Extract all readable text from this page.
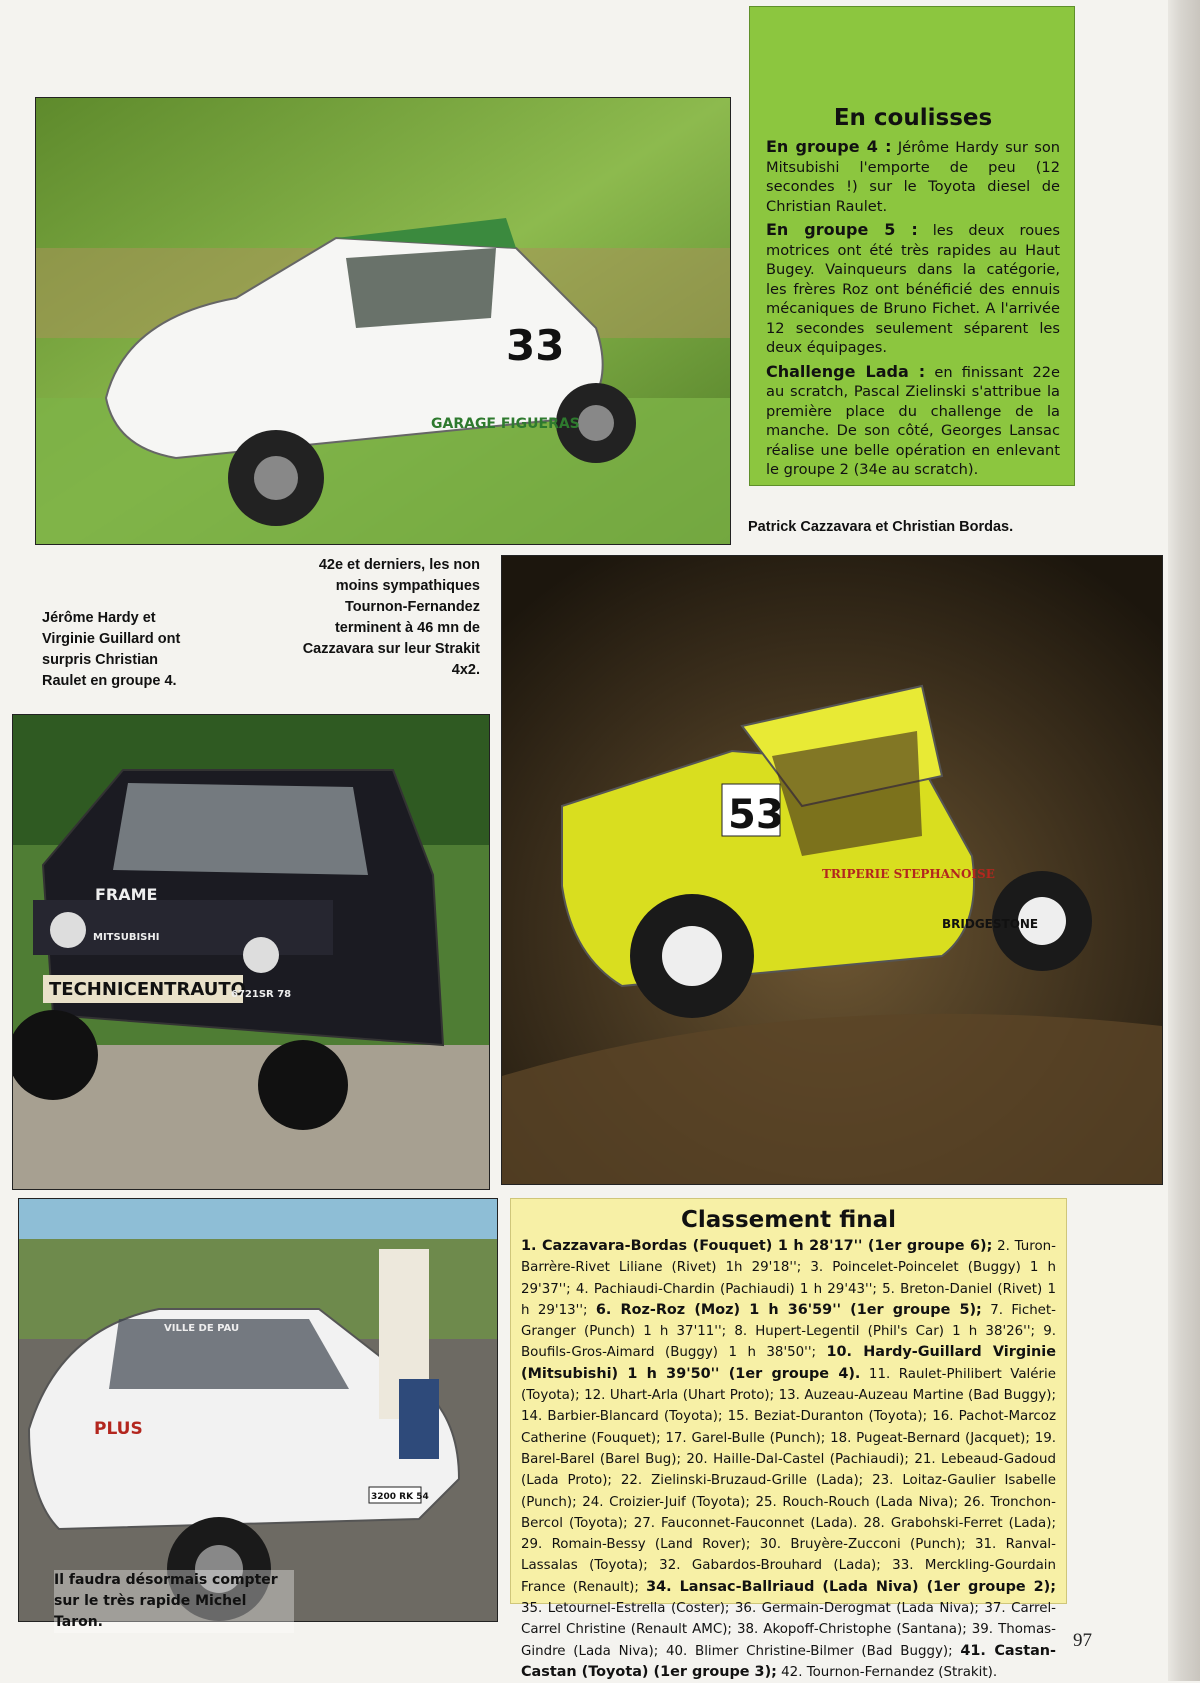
33
GARAGE FIGUERAS
En coulisses

En groupe 4 : Jérôme Hardy sur son Mitsubishi l'emporte de peu (12 secondes !) sur le Toyota diesel de Christian Raulet.

En groupe 5 : les deux roues motrices ont été très rapides au Haut Bugey. Vainqueurs dans la catégorie, les frères Roz ont bénéficié des ennuis mécaniques de Bruno Fichet. A l'arrivée 12 secondes seulement séparent les deux équipages.

Challenge Lada : en finissant 22e au scratch, Pascal Zielinski s'attribue la première place du challenge de la manche. De son côté, Georges Lansac réalise une belle opération en enlevant le groupe 2 (34e au scratch).

Patrick Cazzavara et Christian Bordas.
42e et derniers, les non moins sympathiques Tournon-Fernandez terminent à 46 mn de Cazzavara sur leur Strakit 4x2.
Jérôme Hardy et Virginie Guillard ont surpris Christian Raulet en groupe 4.
53
TRIPERIE STEPHANOISE
BRIDGESTONE
TECHNICENTRAUTO
FRAME
MITSUBISHI
6721SR 78
PLUS
VILLE DE PAU
3200 RK 54
Il faudra désormais compter sur le très rapide Michel Taron.
Classement final

1. Cazzavara-Bordas (Fouquet) 1 h 28'17'' (1er groupe 6); 2. Turon-Barrère-Rivet Liliane (Rivet) 1h 29'18''; 3. Poincelet-Poincelet (Buggy) 1 h 29'37''; 4. Pachiaudi-Chardin (Pachiaudi) 1 h 29'43''; 5. Breton-Daniel (Rivet) 1 h 29'13''; 6. Roz-Roz (Moz) 1 h 36'59'' (1er groupe 5); 7. Fichet-Granger (Punch) 1 h 37'11''; 8. Hupert-Legentil (Phil's Car) 1 h 38'26''; 9. Boufils-Gros-Aimard (Buggy) 1 h 38'50''; 10. Hardy-Guillard Virginie (Mitsubishi) 1 h 39'50'' (1er groupe 4). 11. Raulet-Philibert Valérie (Toyota); 12. Uhart-Arla (Uhart Proto); 13. Auzeau-Auzeau Martine (Bad Buggy); 14. Barbier-Blancard (Toyota); 15. Beziat-Duranton (Toyota); 16. Pachot-Marcoz Catherine (Fouquet); 17. Garel-Bulle (Punch); 18. Pugeat-Bernard (Jacquet); 19. Barel-Barel (Barel Bug); 20. Haille-Dal-Castel (Pachiaudi); 21. Lebeaud-Gadoud (Lada Proto); 22. Zielinski-Bruzaud-Grille (Lada); 23. Loitaz-Gaulier Isabelle (Punch); 24. Croizier-Juif (Toyota); 25. Rouch-Rouch (Lada Niva); 26. Tronchon-Bercol (Toyota); 27. Fauconnet-Fauconnet (Lada). 28. Grabohski-Ferret (Lada); 29. Romain-Bessy (Land Rover); 30. Bruyère-Zucconi (Punch); 31. Ranval-Lassalas (Toyota); 32. Gabardos-Brouhard (Lada); 33. Merckling-Gourdain France (Renault); 34. Lansac-Ballriaud (Lada Niva) (1er groupe 2); 35. Letournel-Estrella (Coster); 36. Germain-Derogmat (Lada Niva); 37. Carrel-Carrel Christine (Renault AMC); 38. Akopoff-Christophe (Santana); 39. Thomas-Gindre (Lada Niva); 40. Blimer Christine-Bilmer (Bad Buggy); 41. Castan-Castan (Toyota) (1er groupe 3); 42. Tournon-Fernandez (Strakit).

97
